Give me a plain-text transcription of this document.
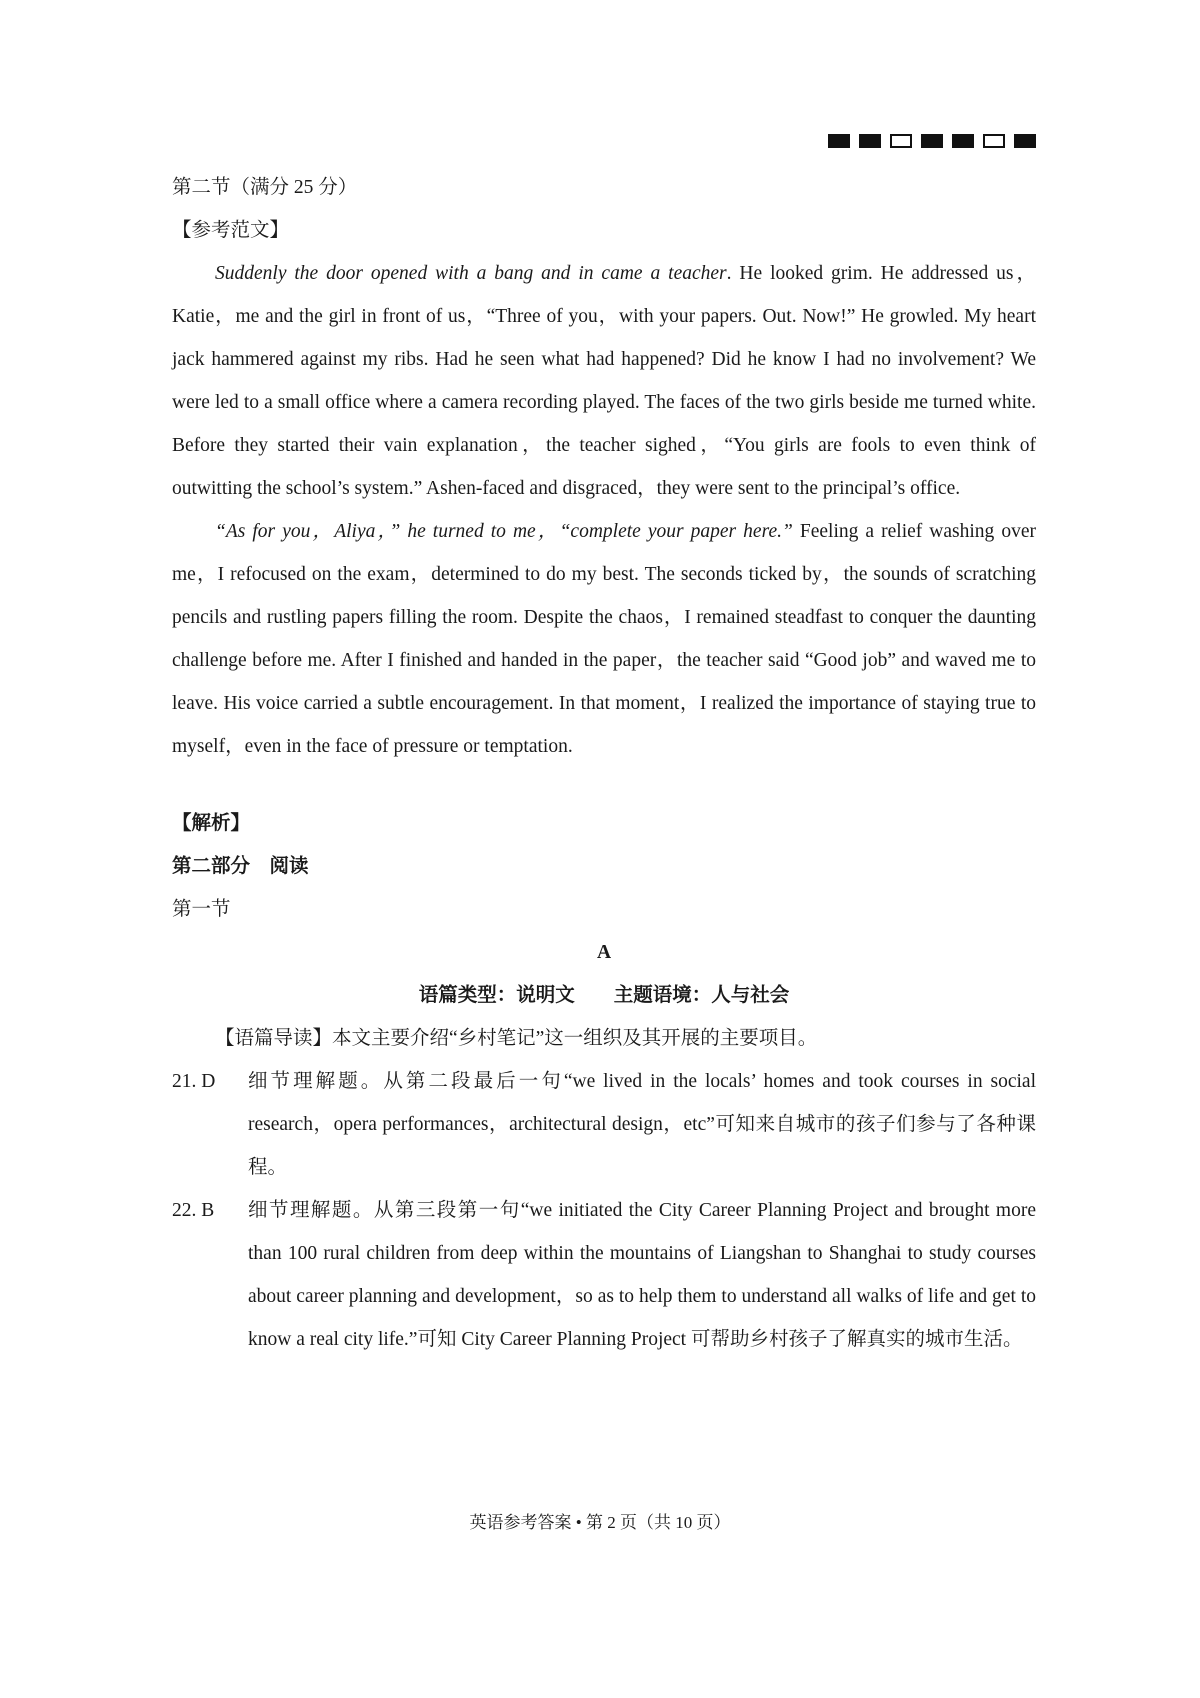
第二节（满分 25 分）

【参考范文】

Suddenly the door opened with a bang and in came a teacher. He looked grim. He addressed us，Katie，me and the girl in front of us，“Three of you，with your papers. Out. Now!” He growled. My heart jack hammered against my ribs. Had he seen what had happened? Did he know I had no involvement? We were led to a small office where a camera recording played. The faces of the two girls beside me turned white. Before they started their vain explanation，the teacher sighed，“You girls are fools to even think of outwitting the school’s system.” Ashen-faced and disgraced，they were sent to the principal’s office.

“As for you，Aliya，” he turned to me，“complete your paper here.” Feeling a relief washing over me，I refocused on the exam，determined to do my best. The seconds ticked by，the sounds of scratching pencils and rustling papers filling the room. Despite the chaos，I remained steadfast to conquer the daunting challenge before me. After I finished and handed in the paper，the teacher said “Good job” and waved me to leave. His voice carried a subtle encouragement. In that moment，I realized the importance of staying true to myself，even in the face of pressure or temptation.

【解析】

第二部分　阅读

第一节

A

语篇类型：说明文　　主题语境：人与社会

【语篇导读】本文主要介绍“乡村笔记”这一组织及其开展的主要项目。

21. D	细节理解题。从第二段最后一句“we lived in the locals’ homes and took courses in social research，opera performances，architectural design，etc”可知来自城市的孩子们参与了各种课程。

22. B	细节理解题。从第三段第一句“we initiated the City Career Planning Project and brought more than 100 rural children from deep within the mountains of Liangshan to Shanghai to study courses about career planning and development，so as to help them to understand all walks of life and get to know a real city life.”可知 City Career Planning Project 可帮助乡村孩子了解真实的城市生活。

英语参考答案 • 第 2 页（共 10 页）
